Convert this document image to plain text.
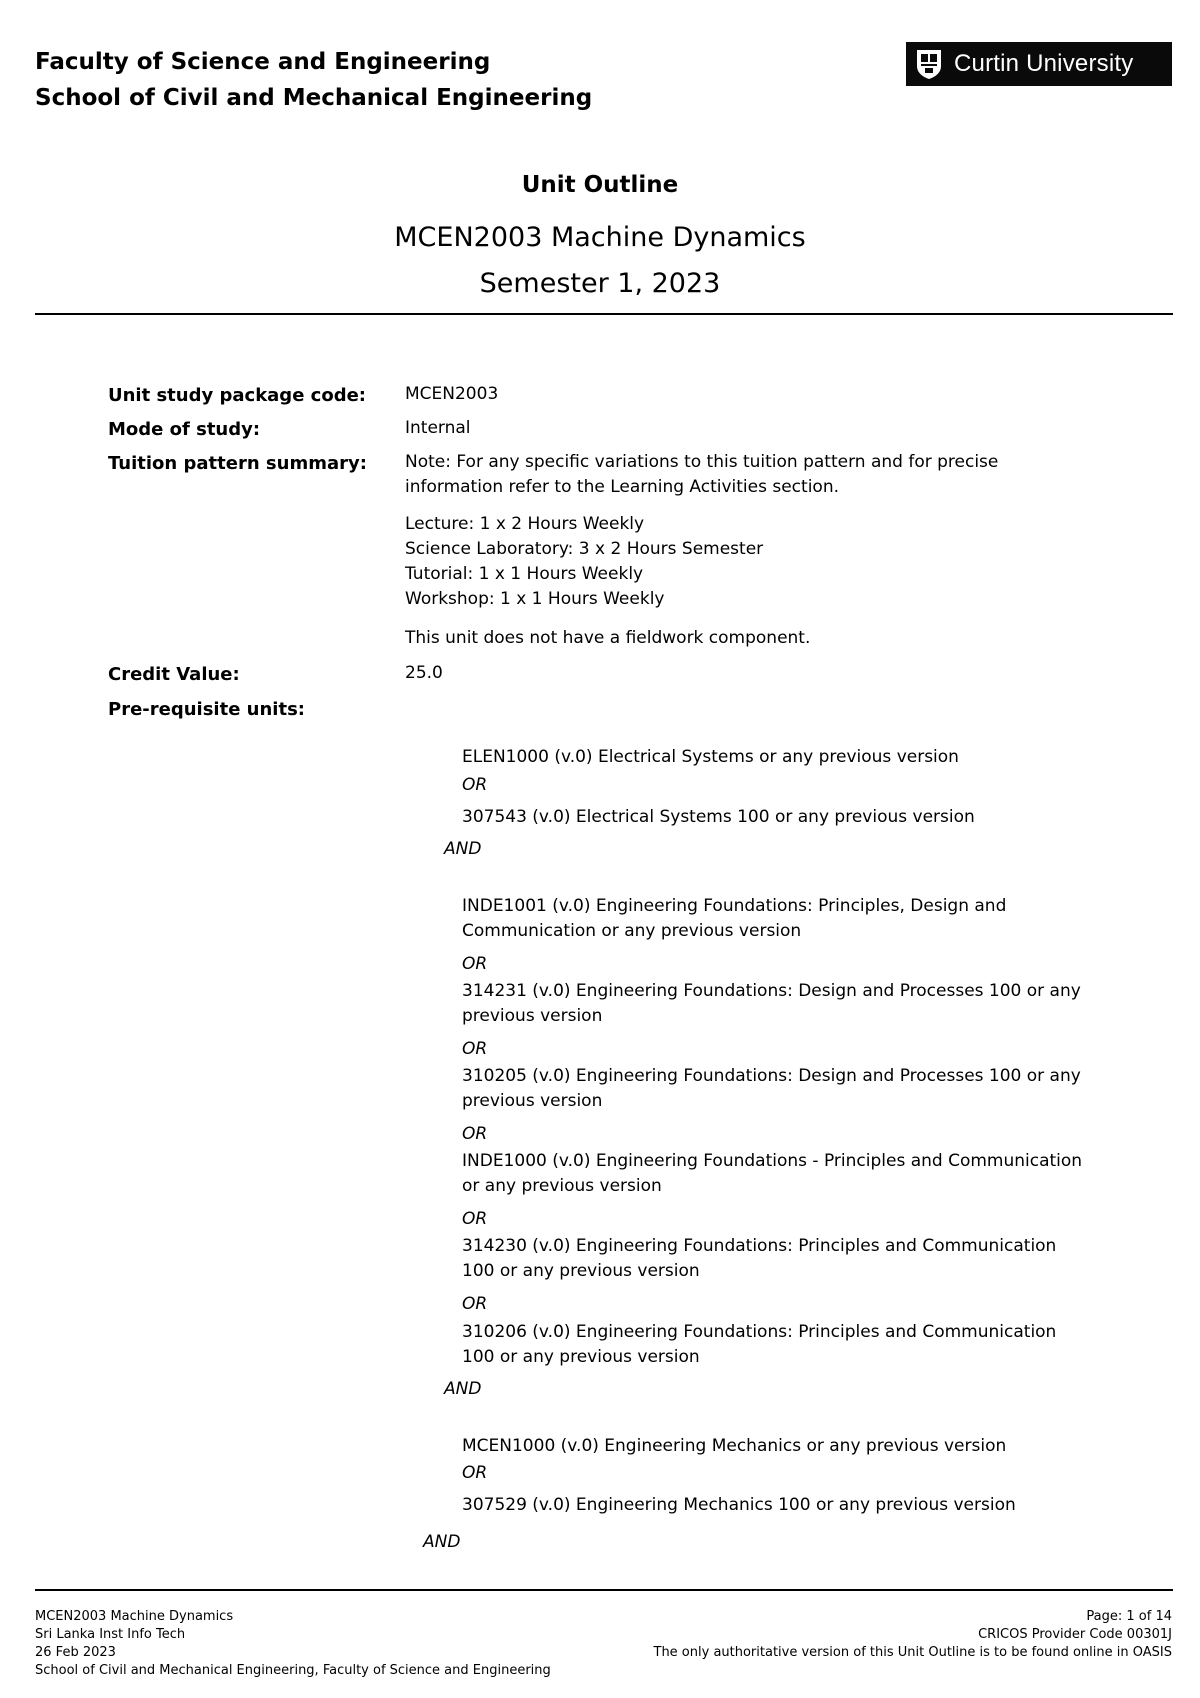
Faculty of Science and Engineering
School of Civil and Mechanical Engineering
Curtin University
Unit Outline
MCEN2003 Machine Dynamics
Semester 1, 2023
Unit study package code: MCEN2003
Mode of study:	Internal
Tuition pattern summary: Note: For any specific variations to this tuition pattern and for precise
information refer to the Learning Activities section.
Lecture: 1 x 2 Hours Weekly
Science Laboratory: 3 x 2 Hours Semester
Tutorial: 1 x 1 Hours Weekly
Workshop: 1 x 1 Hours Weekly
This unit does not have a fieldwork component.
Credit Value:	25.0
Pre-requisite units:
ELEN1000 (v.0) Electrical Systems or any previous version
OR
307543 (v.0) Electrical Systems 100 or any previous version
AND
INDE1001 (v.0) Engineering Foundations: Principles, Design and
Communication or any previous version
OR
314231 (v.0) Engineering Foundations: Design and Processes 100 or any
previous version
OR
310205 (v.0) Engineering Foundations: Design and Processes 100 or any
previous version
OR
INDE1000 (v.0) Engineering Foundations - Principles and Communication
or any previous version
OR
314230 (v.0) Engineering Foundations: Principles and Communication
100 or any previous version
OR
310206 (v.0) Engineering Foundations: Principles and Communication
100 or any previous version
AND
MCEN1000 (v.0) Engineering Mechanics or any previous version
OR
307529 (v.0) Engineering Mechanics 100 or any previous version
AND
MCEN2003 Machine Dynamics
Sri Lanka Inst Info Tech
26 Feb 2023
School of Civil and Mechanical Engineering, Faculty of Science and Engineering
Page: 1 of 14
CRICOS Provider Code 00301J
The only authoritative version of this Unit Outline is to be found online in OASIS
